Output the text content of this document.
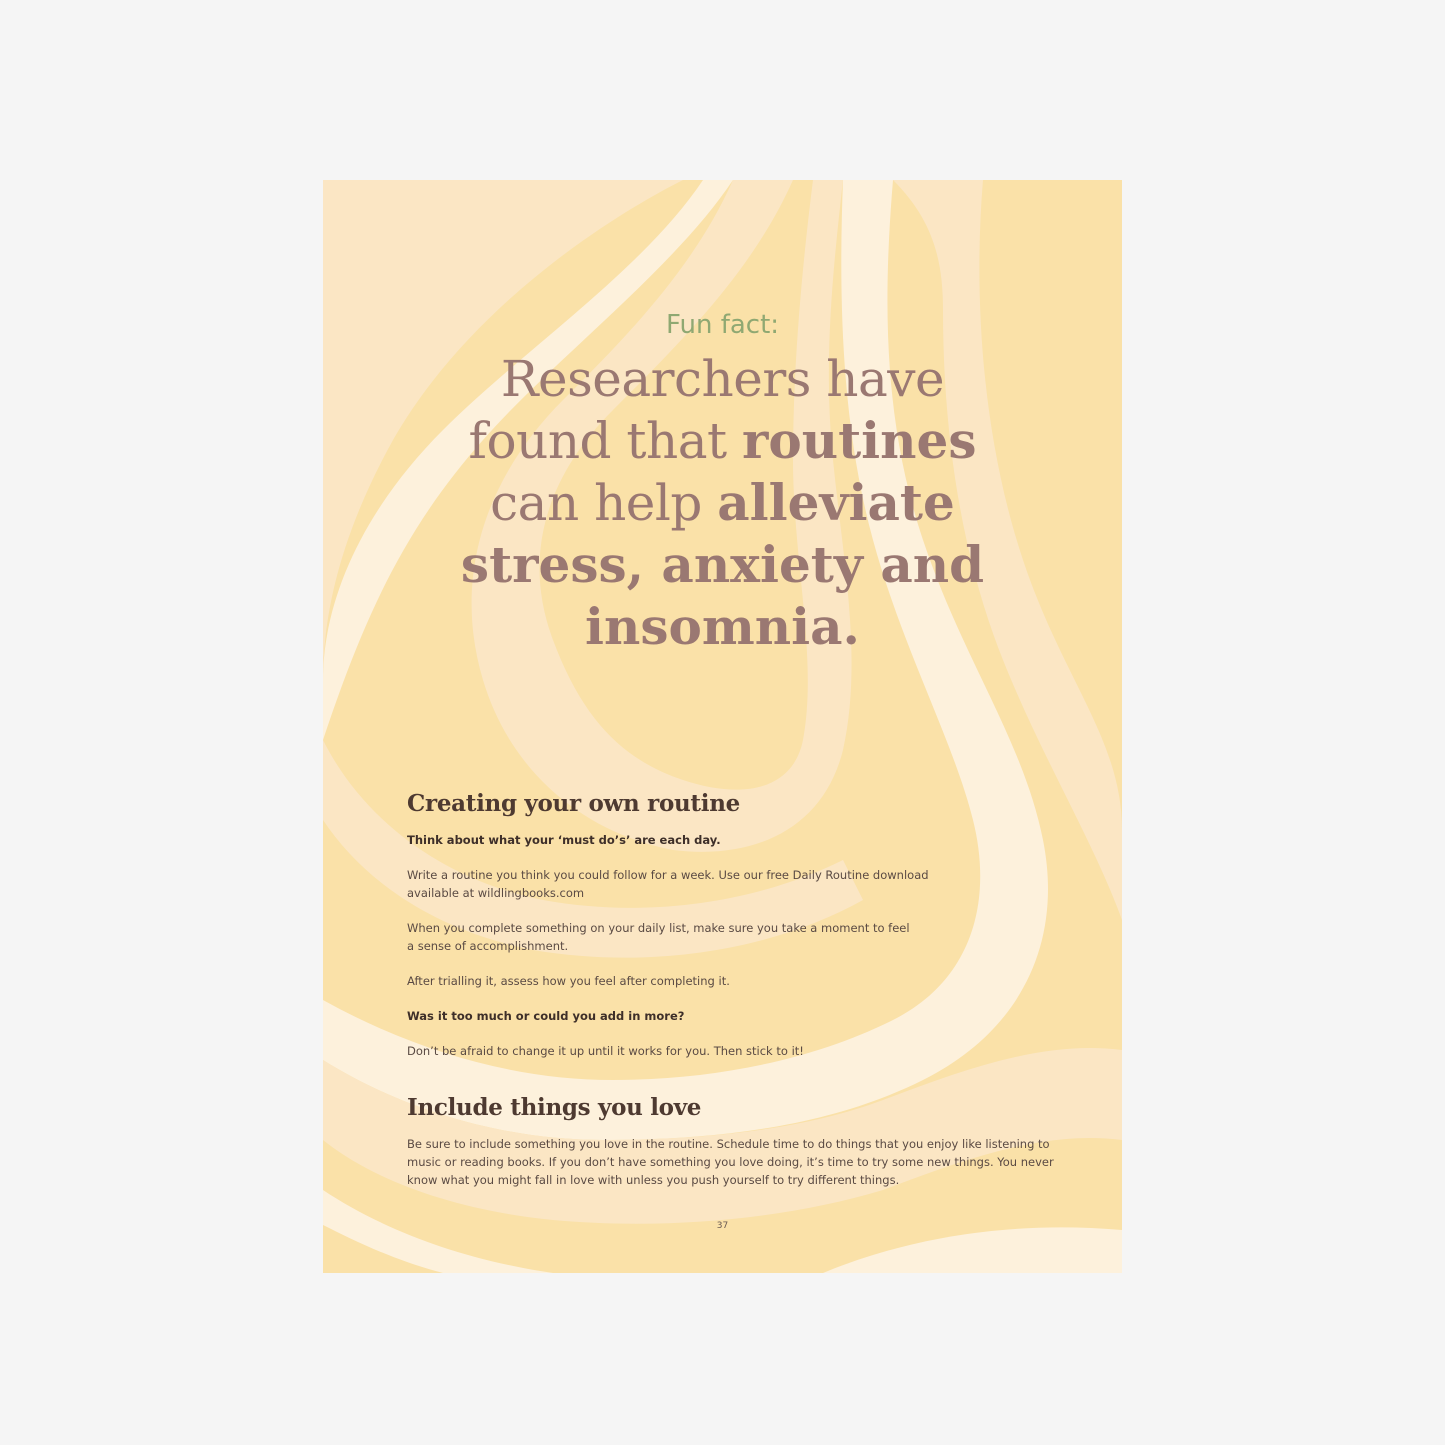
Fun fact:

Researchers have
found that routines
can help alleviate
stress, anxiety and
insomnia.
Creating your own routine

Think about what your ‘must do’s’ are each day.

Write a routine you think you could follow for a week. Use our free Daily Routine download available at wildlingbooks.com

When you complete something on your daily list, make sure you take a moment to feel a sense of accomplishment.

After trialling it, assess how you feel after completing it.

Was it too much or could you add in more?

Don’t be afraid to change it up until it works for you. Then stick to it!

Include things you love

Be sure to include something you love in the routine. Schedule time to do things that you enjoy like listening to music or reading books. If you don’t have something you love doing, it’s time to try some new things. You never know what you might fall in love with unless you push yourself to try different things.

37
